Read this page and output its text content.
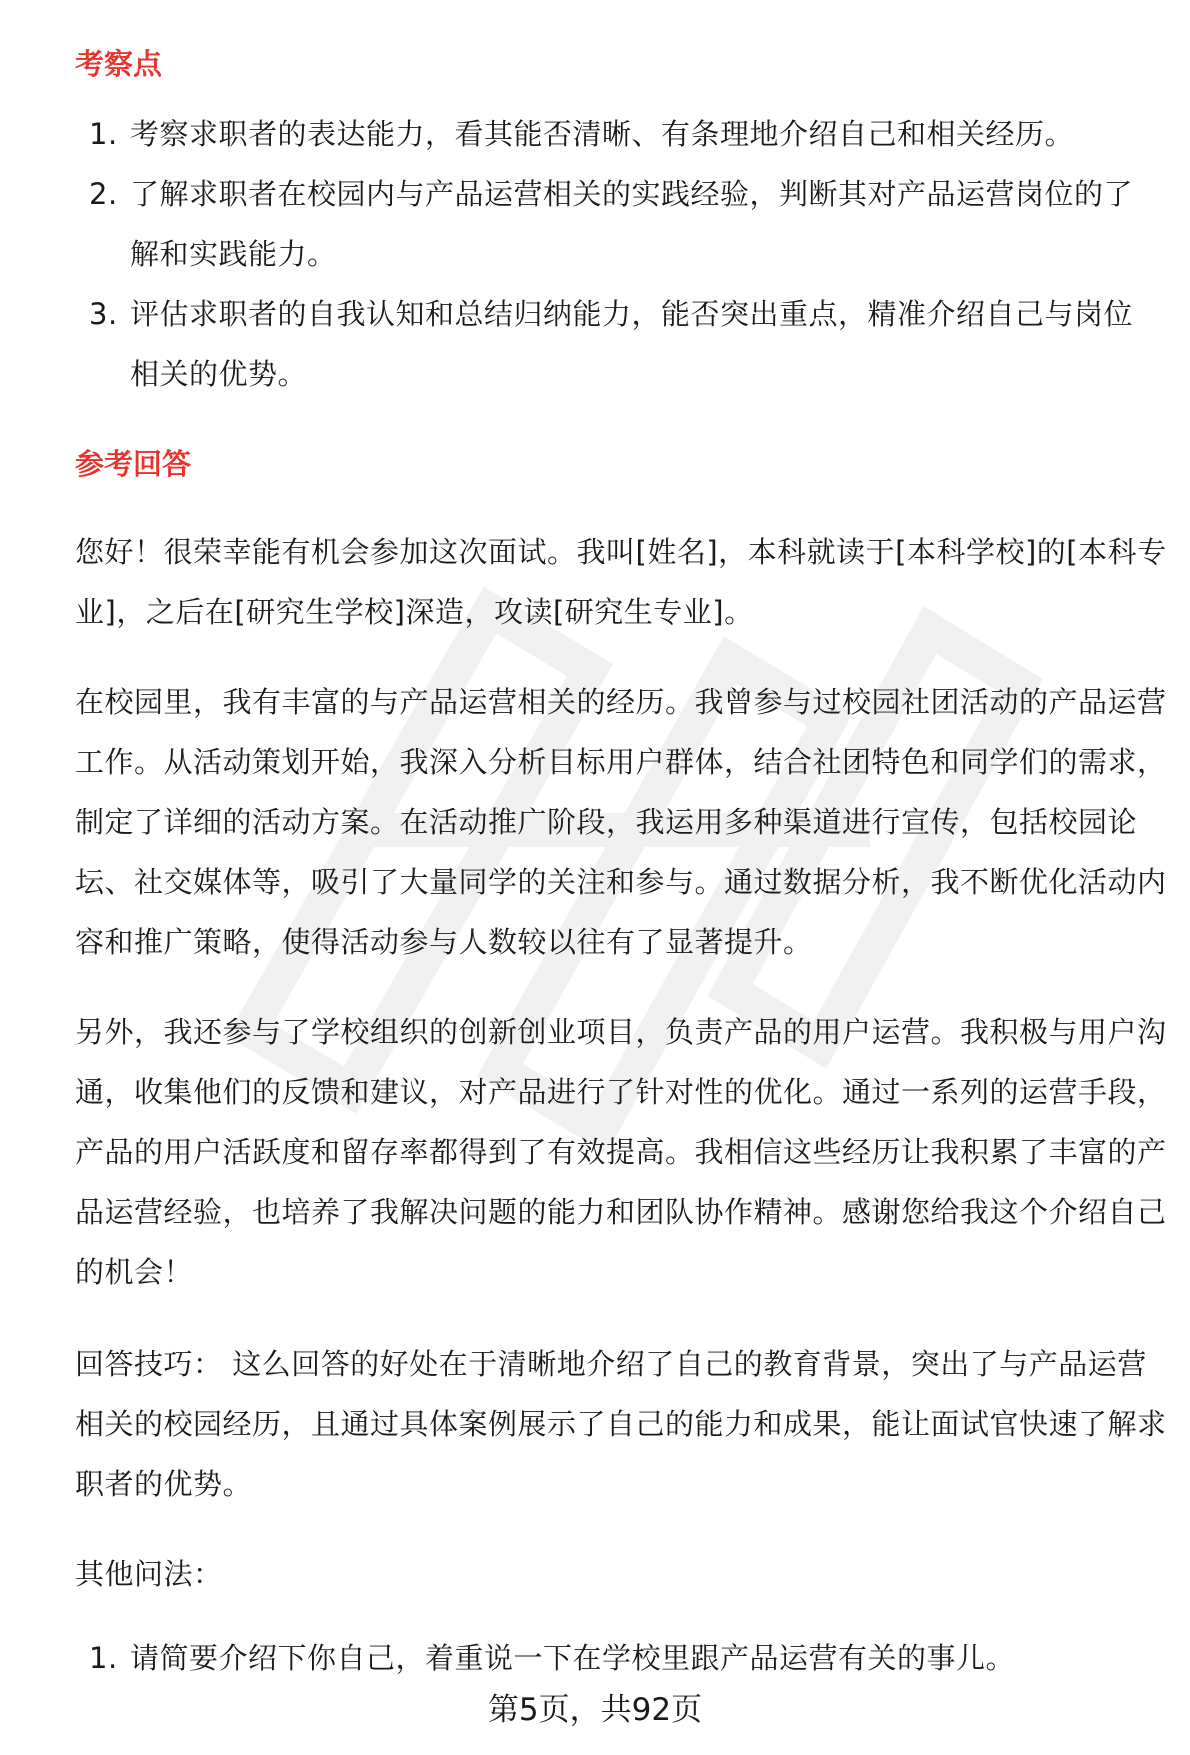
考察点
1. 考察求职者的表达能力，看其能否清晰、有条理地介绍自己和相关经历。
2. 了解求职者在校园内与产品运营相关的实践经验，判断其对产品运营岗位的了解和实践能力。
3. 评估求职者的自我认知和总结归纳能力，能否突出重点，精准介绍自己与岗位相关的优势。
参考回答

您好！很荣幸能有机会参加这次面试。我叫[姓名]，本科就读于[本科学校]的[本科专业]，之后在[研究生学校]深造，攻读[研究生专业]。

在校园里，我有丰富的与产品运营相关的经历。我曾参与过校园社团活动的产品运营工作。从活动策划开始，我深入分析目标用户群体，结合社团特色和同学们的需求，制定了详细的活动方案。在活动推广阶段，我运用多种渠道进行宣传，包括校园论坛、社交媒体等，吸引了大量同学的关注和参与。通过数据分析，我不断优化活动内容和推广策略，使得活动参与人数较以往有了显著提升。

另外，我还参与了学校组织的创新创业项目，负责产品的用户运营。我积极与用户沟通，收集他们的反馈和建议，对产品进行了针对性的优化。通过一系列的运营手段，产品的用户活跃度和留存率都得到了有效提高。我相信这些经历让我积累了丰富的产品运营经验，也培养了我解决问题的能力和团队协作精神。感谢您给我这个介绍自己的机会！

回答技巧： 这么回答的好处在于清晰地介绍了自己的教育背景，突出了与产品运营相关的校园经历，且通过具体案例展示了自己的能力和成果，能让面试官快速了解求职者的优势。

其他问法：

1. 请简要介绍下你自己，着重说一下在学校里跟产品运营有关的事儿。
第5页，共92页
